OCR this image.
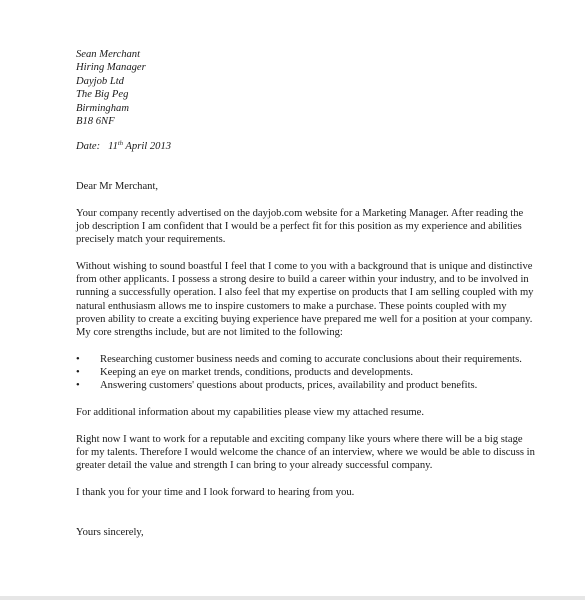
Sean Merchant
Hiring Manager
Dayjob Ltd
The Big Peg
Birmingham
B18 6NF
Date: 11th April 2013
Dear Mr Merchant,
Your company recently advertised on the dayjob.com website for a Marketing Manager. After reading the
job description I am confident that I would be a perfect fit for this position as my experience and abilities
precisely match your requirements.
Without wishing to sound boastful I feel that I come to you with a background that is unique and distinctive
from other applicants. I possess a strong desire to build a career within your industry, and to be involved in
running a successfully operation. I also feel that my expertise on products that I am selling coupled with my
natural enthusiasm allows me to inspire customers to make a purchase. These points coupled with my
proven ability to create a exciting buying experience have prepared me well for a position at your company.
My core strengths include, but are not limited to the following:
• Researching customer business needs and coming to accurate conclusions about their requirements.
• Keeping an eye on market trends, conditions, products and developments.
• Answering customers' questions about products, prices, availability and product benefits.
For additional information about my capabilities please view my attached resume.
Right now I want to work for a reputable and exciting company like yours where there will be a big stage
for my talents. Therefore I would welcome the chance of an interview, where we would be able to discuss in
greater detail the value and strength I can bring to your already successful company.
I thank you for your time and I look forward to hearing from you.
Yours sincerely,
